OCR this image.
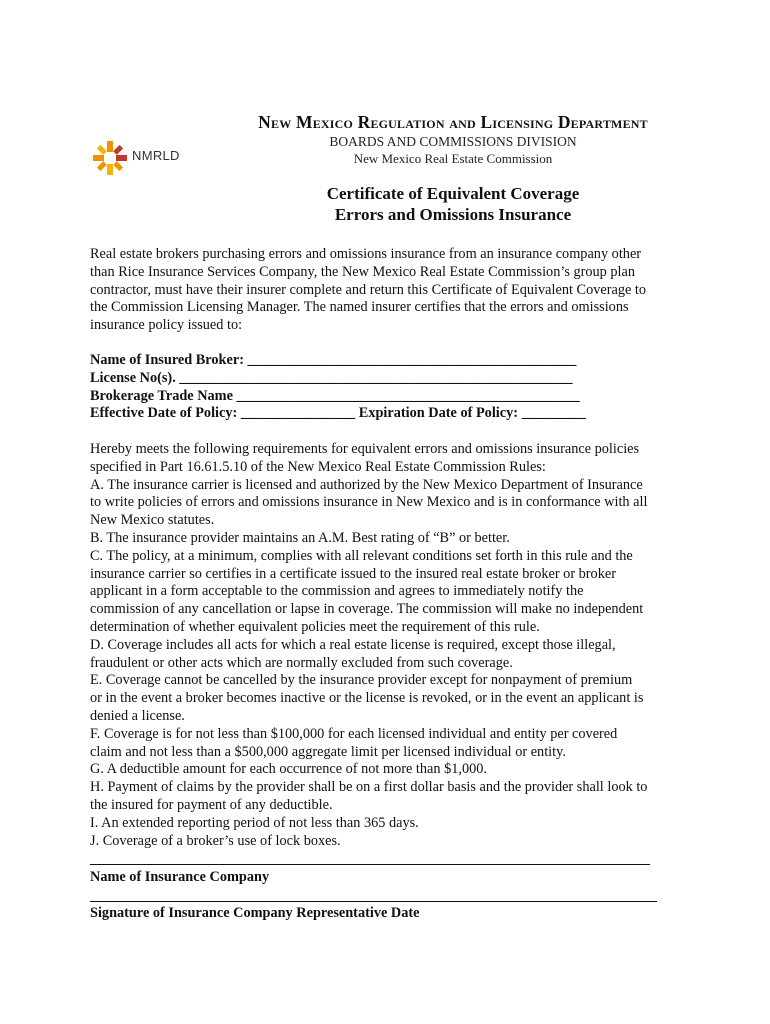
NMRLD
New Mexico Regulation and Licensing Department
BOARDS AND COMMISSIONS DIVISION
New Mexico Real Estate Commission
Certificate of Equivalent Coverage
Errors and Omissions Insurance
Real estate brokers purchasing errors and omissions insurance from an insurance company other
than Rice Insurance Services Company, the New Mexico Real Estate Commission’s group plan
contractor, must have their insurer complete and return this Certificate of Equivalent Coverage to
the Commission Licensing Manager. The named insurer certifies that the errors and omissions
insurance policy issued to:
Name of Insured Broker: ______________________________________________
License No(s). _______________________________________________________
Brokerage Trade Name ________________________________________________
Effective Date of Policy: ________________ Expiration Date of Policy: _________
Hereby meets the following requirements for equivalent errors and omissions insurance policies
specified in Part 16.61.5.10 of the New Mexico Real Estate Commission Rules:
A. The insurance carrier is licensed and authorized by the New Mexico Department of Insurance
to write policies of errors and omissions insurance in New Mexico and is in conformance with all
New Mexico statutes.
B. The insurance provider maintains an A.M. Best rating of “B” or better.
C. The policy, at a minimum, complies with all relevant conditions set forth in this rule and the
insurance carrier so certifies in a certificate issued to the insured real estate broker or broker
applicant in a form acceptable to the commission and agrees to immediately notify the
commission of any cancellation or lapse in coverage. The commission will make no independent
determination of whether equivalent policies meet the requirement of this rule.
D. Coverage includes all acts for which a real estate license is required, except those illegal,
fraudulent or other acts which are normally excluded from such coverage.
E. Coverage cannot be cancelled by the insurance provider except for nonpayment of premium
or in the event a broker becomes inactive or the license is revoked, or in the event an applicant is
denied a license.
F. Coverage is for not less than $100,000 for each licensed individual and entity per covered
claim and not less than a $500,000 aggregate limit per licensed individual or entity.
G. A deductible amount for each occurrence of not more than $1,000.
H. Payment of claims by the provider shall be on a first dollar basis and the provider shall look to
the insured for payment of any deductible.
I. An extended reporting period of not less than 365 days.
J. Coverage of a broker’s use of lock boxes.
Name of Insurance Company
Signature of Insurance Company Representative Date
